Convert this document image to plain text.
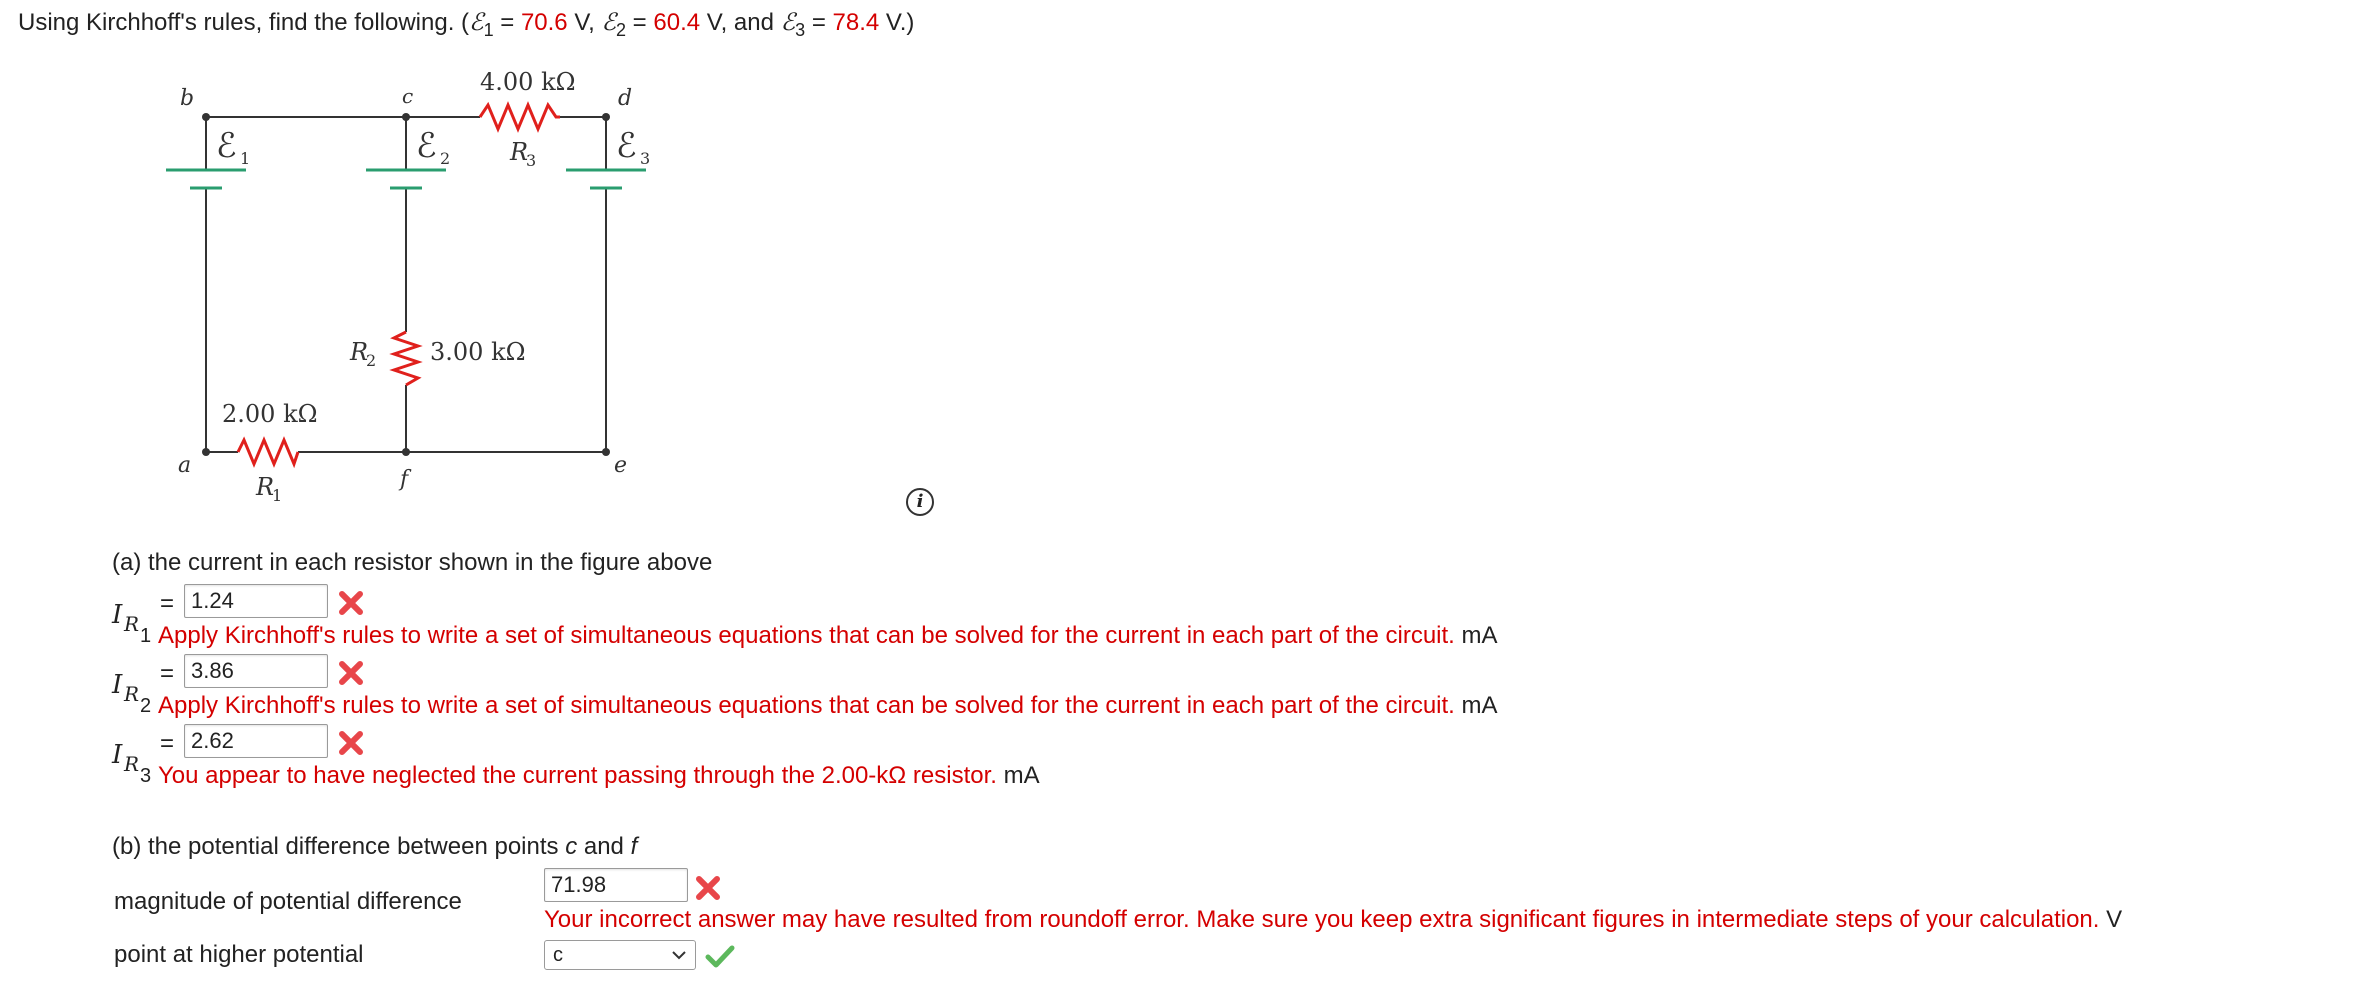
Using Kirchhoff's rules, find the following. (ℰ$_1$ = 70.6 V, ℰ$_2$ = 60.4 V, and ℰ$_3$ = 78.4 V.)
b	c	d
a
f
e
ℰ 1	ℰ 2	ℰ 3
4.00 kΩ
R
3
R
2 3.00 kΩ
2.00 kΩ
R
1	i
(a) the current in each resistor shown in the figure above
I R 1
=
1.24
Apply Kirchhoff's rules to write a set of simultaneous equations that can be solved for the current in each part of the circuit. mA
I R 2
=
3.86
Apply Kirchhoff's rules to write a set of simultaneous equations that can be solved for the current in each part of the circuit. mA
I R 3
=
2.62
You appear to have neglected the current passing through the 2.00-kΩ resistor. mA
(b) the potential difference between points c and f
magnitude of potential difference
71.98
Your incorrect answer may have resulted from roundoff error. Make sure you keep extra significant figures in intermediate steps of your calculation. V
point at higher potential	c
